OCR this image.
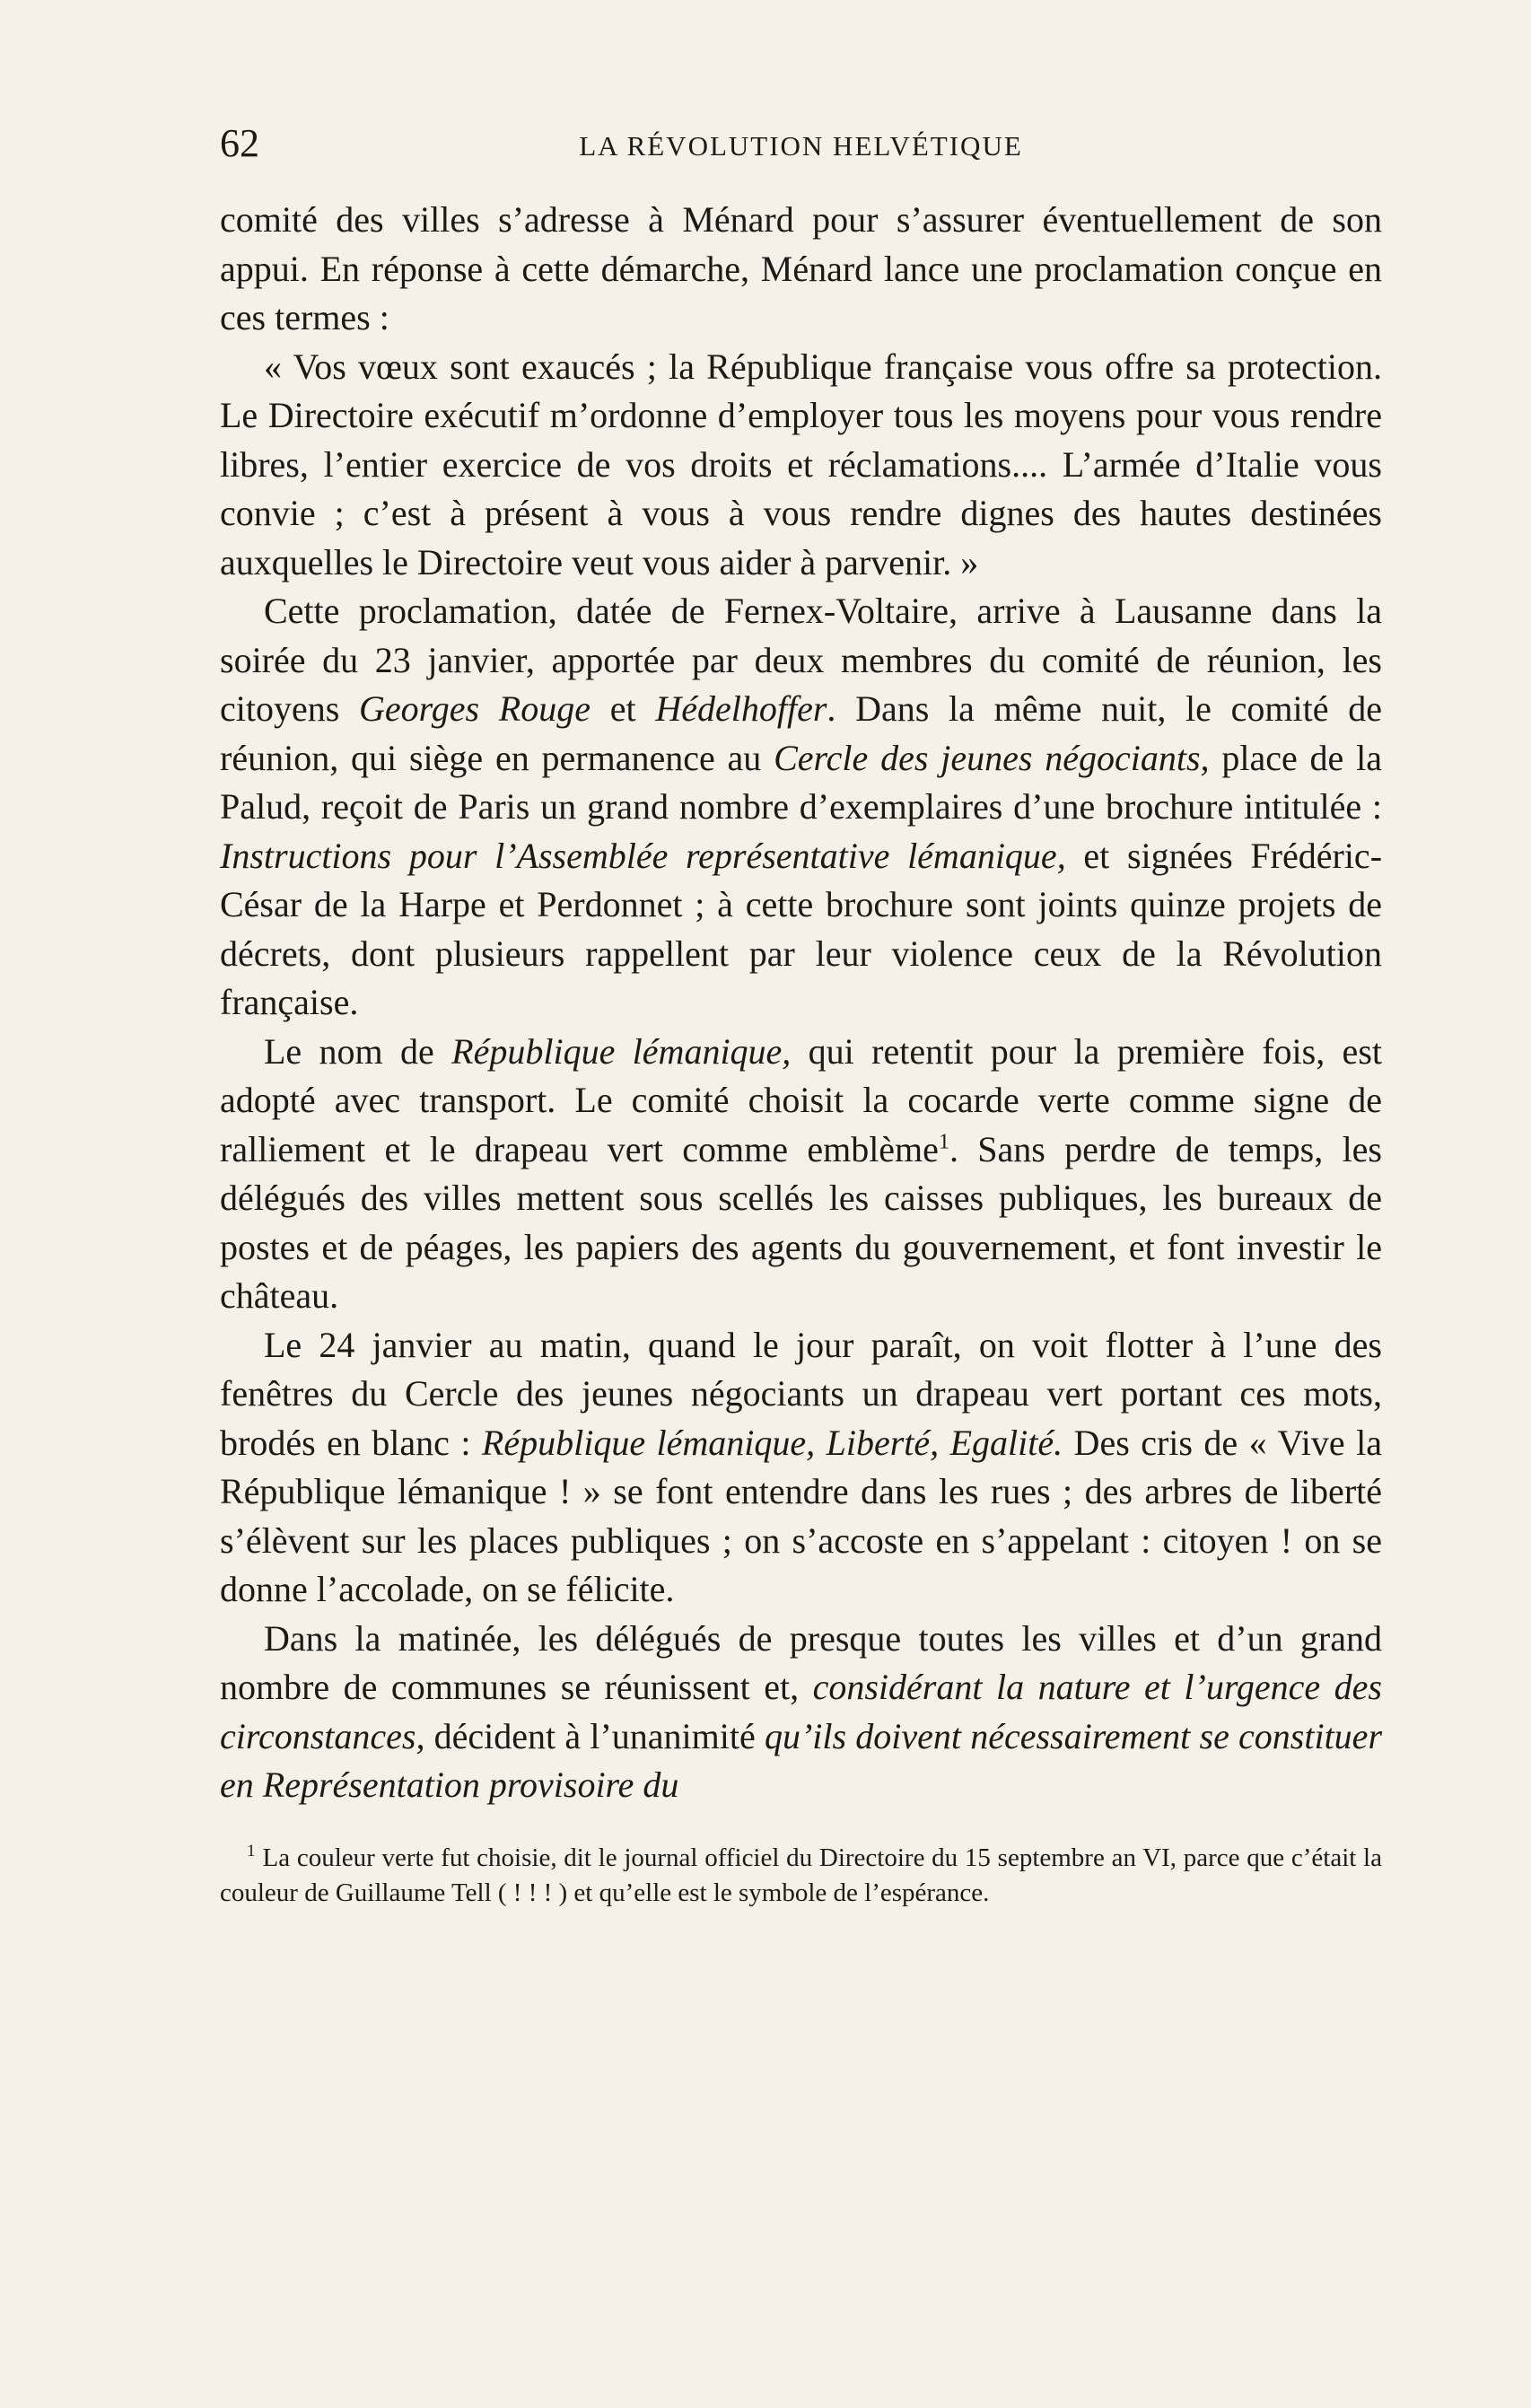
62	LA RÉVOLUTION HELVÉTIQUE

comité des villes s’adresse à Ménard pour s’assurer éventuellement de son appui. En réponse à cette démarche, Ménard lance une proclamation conçue en ces termes :

« Vos vœux sont exaucés ; la République française vous offre sa protection. Le Directoire exécutif m’ordonne d’employer tous les moyens pour vous rendre libres, l’entier exercice de vos droits et réclamations.... L’armée d’Italie vous convie ; c’est à présent à vous à vous rendre dignes des hautes destinées auxquelles le Directoire veut vous aider à parvenir. »

Cette proclamation, datée de Fernex-Voltaire, arrive à Lausanne dans la soirée du 23 janvier, apportée par deux membres du comité de réunion, les citoyens Georges Rouge et Hédelhoffer. Dans la même nuit, le comité de réunion, qui siège en permanence au Cercle des jeunes négociants, place de la Palud, reçoit de Paris un grand nombre d’exemplaires d’une brochure intitulée : Instructions pour l’Assemblée représentative lémanique, et signées Frédéric-César de la Harpe et Perdonnet ; à cette brochure sont joints quinze projets de décrets, dont plusieurs rappellent par leur violence ceux de la Révolution française.

Le nom de République lémanique, qui retentit pour la première fois, est adopté avec transport. Le comité choisit la cocarde verte comme signe de ralliement et le drapeau vert comme emblème$^1$. Sans perdre de temps, les délégués des villes mettent sous scellés les caisses publiques, les bureaux de postes et de péages, les papiers des agents du gouvernement, et font investir le château.

Le 24 janvier au matin, quand le jour paraît, on voit flotter à l’une des fenêtres du Cercle des jeunes négociants un drapeau vert portant ces mots, brodés en blanc : République lémanique, Liberté, Egalité. Des cris de « Vive la République lémanique ! » se font entendre dans les rues ; des arbres de liberté s’élèvent sur les places publiques ; on s’accoste en s’appelant : citoyen ! on se donne l’accolade, on se félicite.

Dans la matinée, les délégués de presque toutes les villes et d’un grand nombre de communes se réunissent et, considérant la nature et l’urgence des circonstances, décident à l’unanimité qu’ils doivent nécessairement se constituer en Représentation provisoire du

$^1$ La couleur verte fut choisie, dit le journal officiel du Directoire du 15 septembre an VI, parce que c’était la couleur de Guillaume Tell ( ! ! ! ) et qu’elle est le symbole de l’espérance.
